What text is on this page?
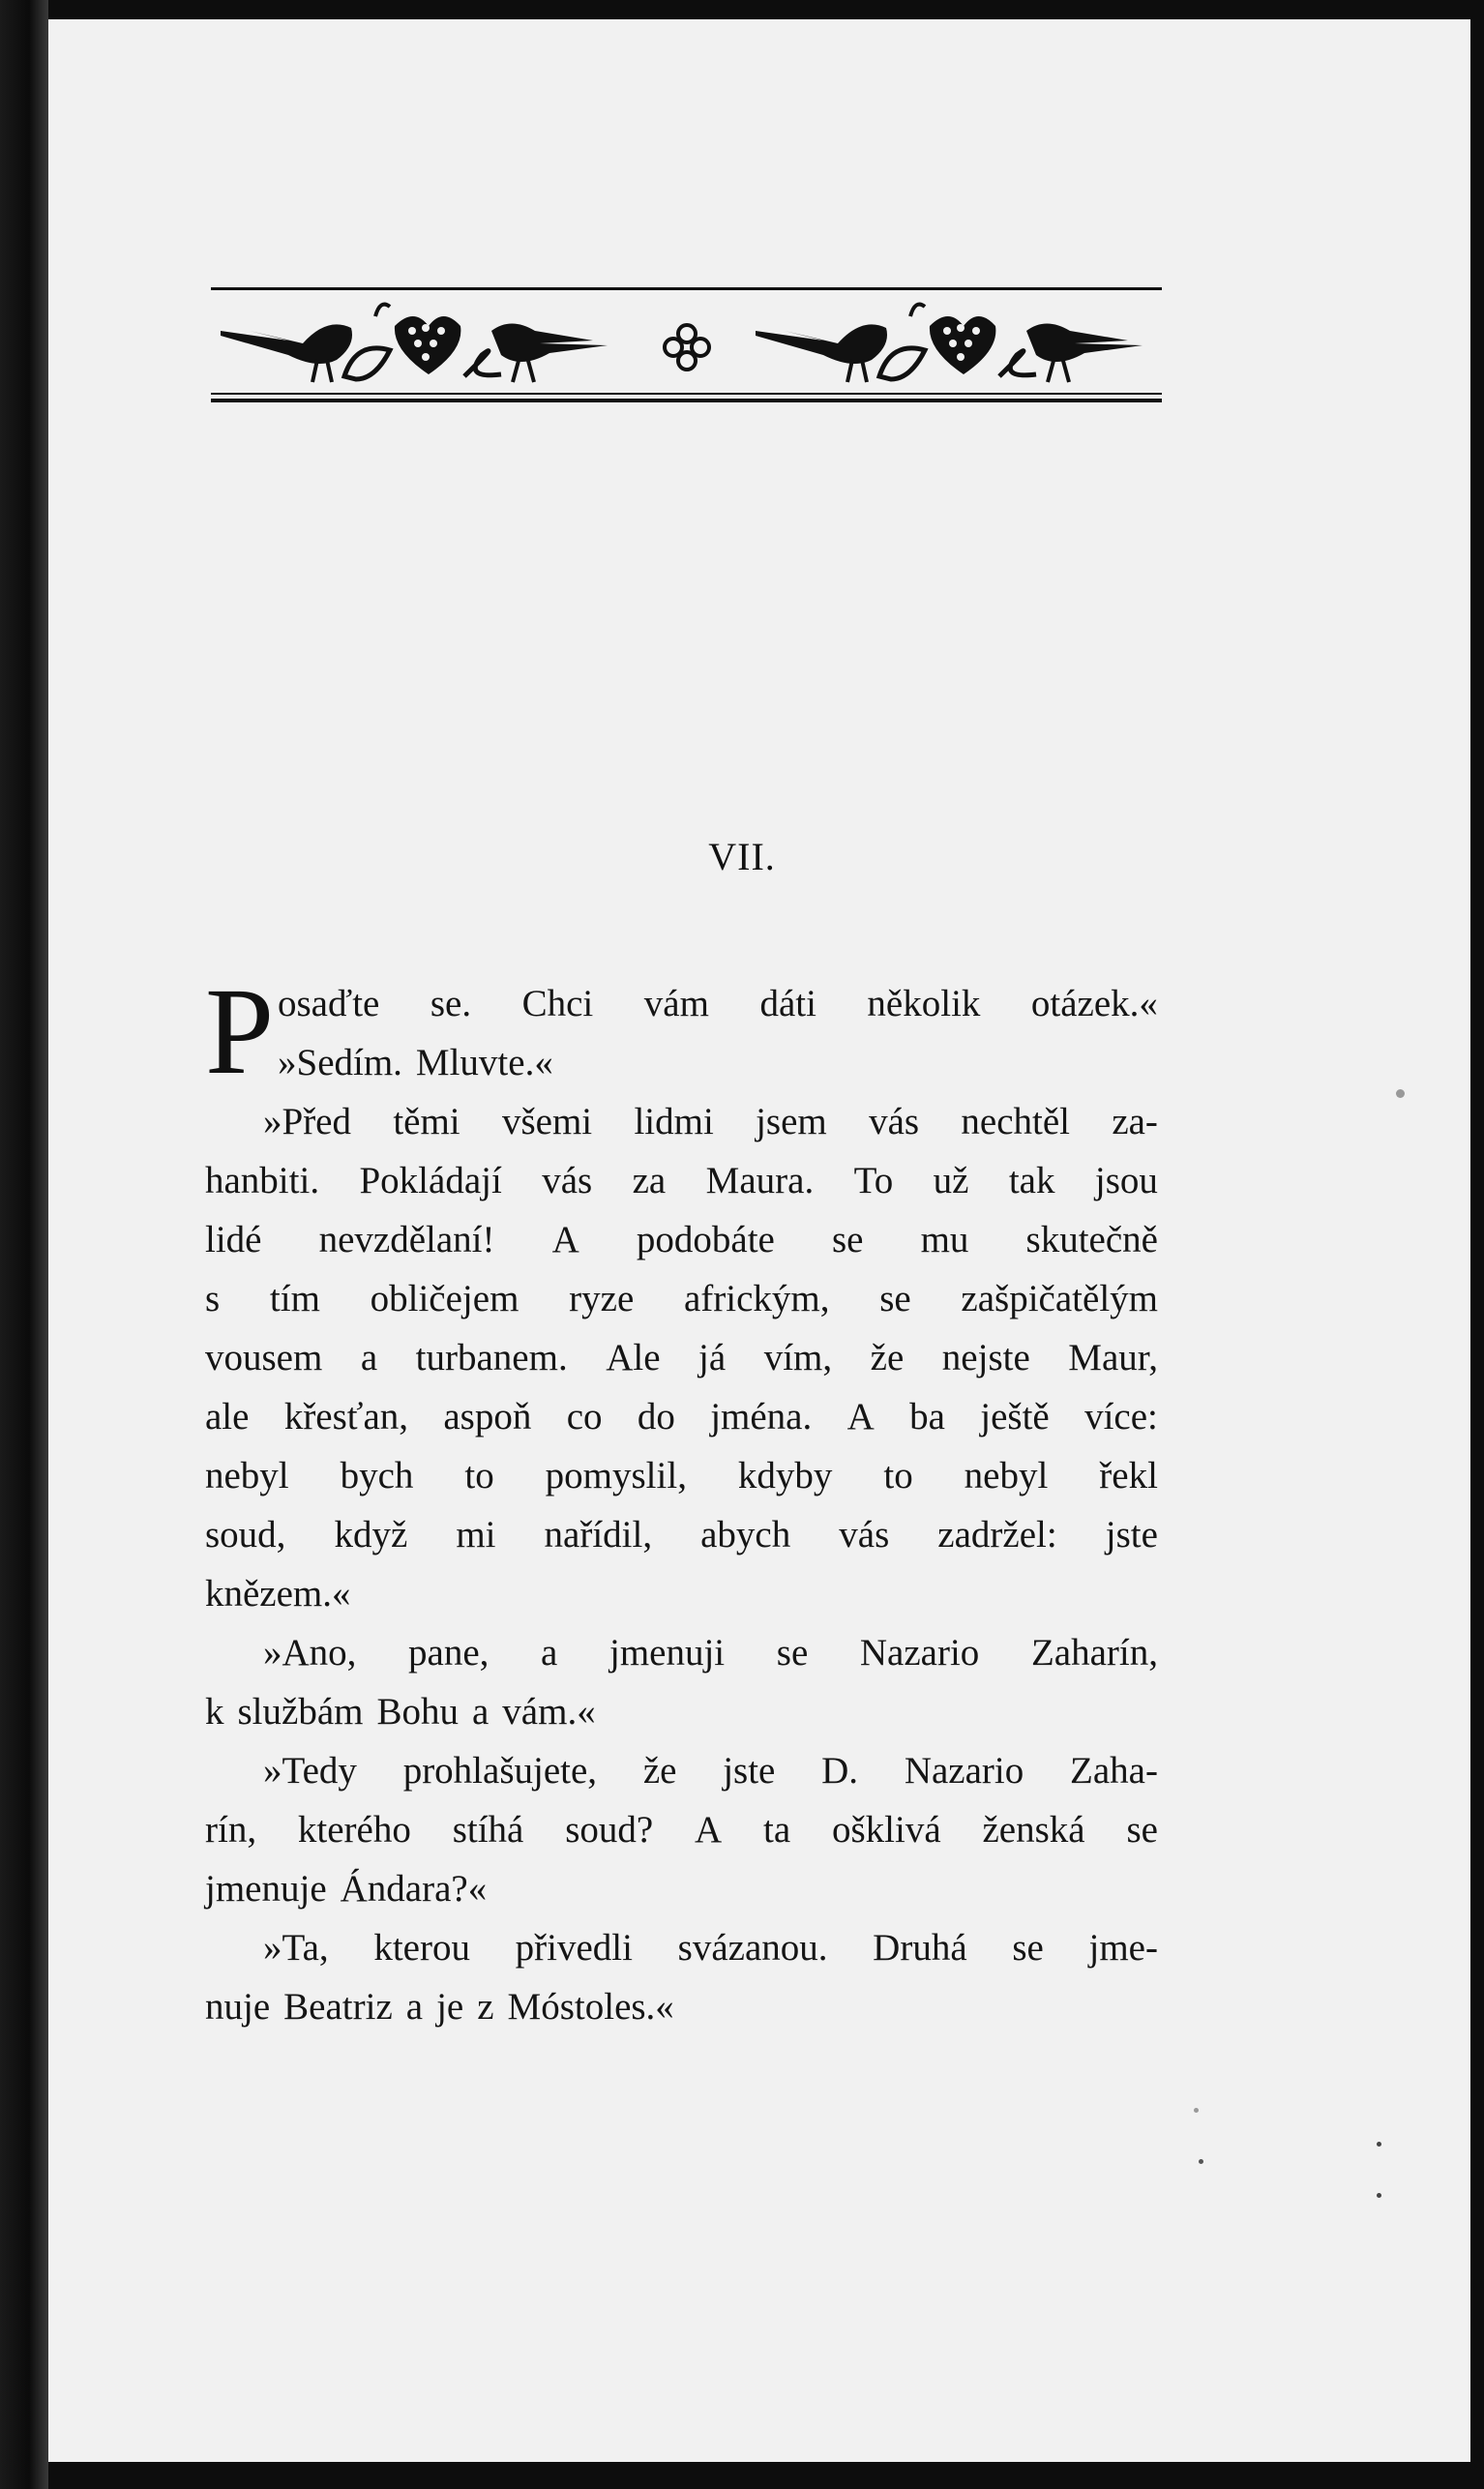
VII.
P osaďte se. Chci vám dáti několik otázek.«
»Sedím. Mluvte.«
»Před těmi všemi lidmi jsem vás nechtěl za-
hanbiti. Pokládají vás za Maura. To už tak jsou
lidé nevzdělaní! A podobáte se mu skutečně
s tím obličejem ryze africkým, se zašpičatělým
vousem a turbanem. Ale já vím, že nejste Maur,
ale křesťan, aspoň co do jména. A ba ještě více:
nebyl bych to pomyslil, kdyby to nebyl řekl
soud, když mi nařídil, abych vás zadržel: jste
knězem.«
»Ano, pane, a jmenuji se Nazario Zaharín,
k službám Bohu a vám.«
»Tedy prohlašujete, že jste D. Nazario Zaha-
rín, kterého stíhá soud? A ta ošklivá ženská se
jmenuje Ándara?«
»Ta, kterou přivedli svázanou. Druhá se jme-
nuje Beatriz a je z Móstoles.«
